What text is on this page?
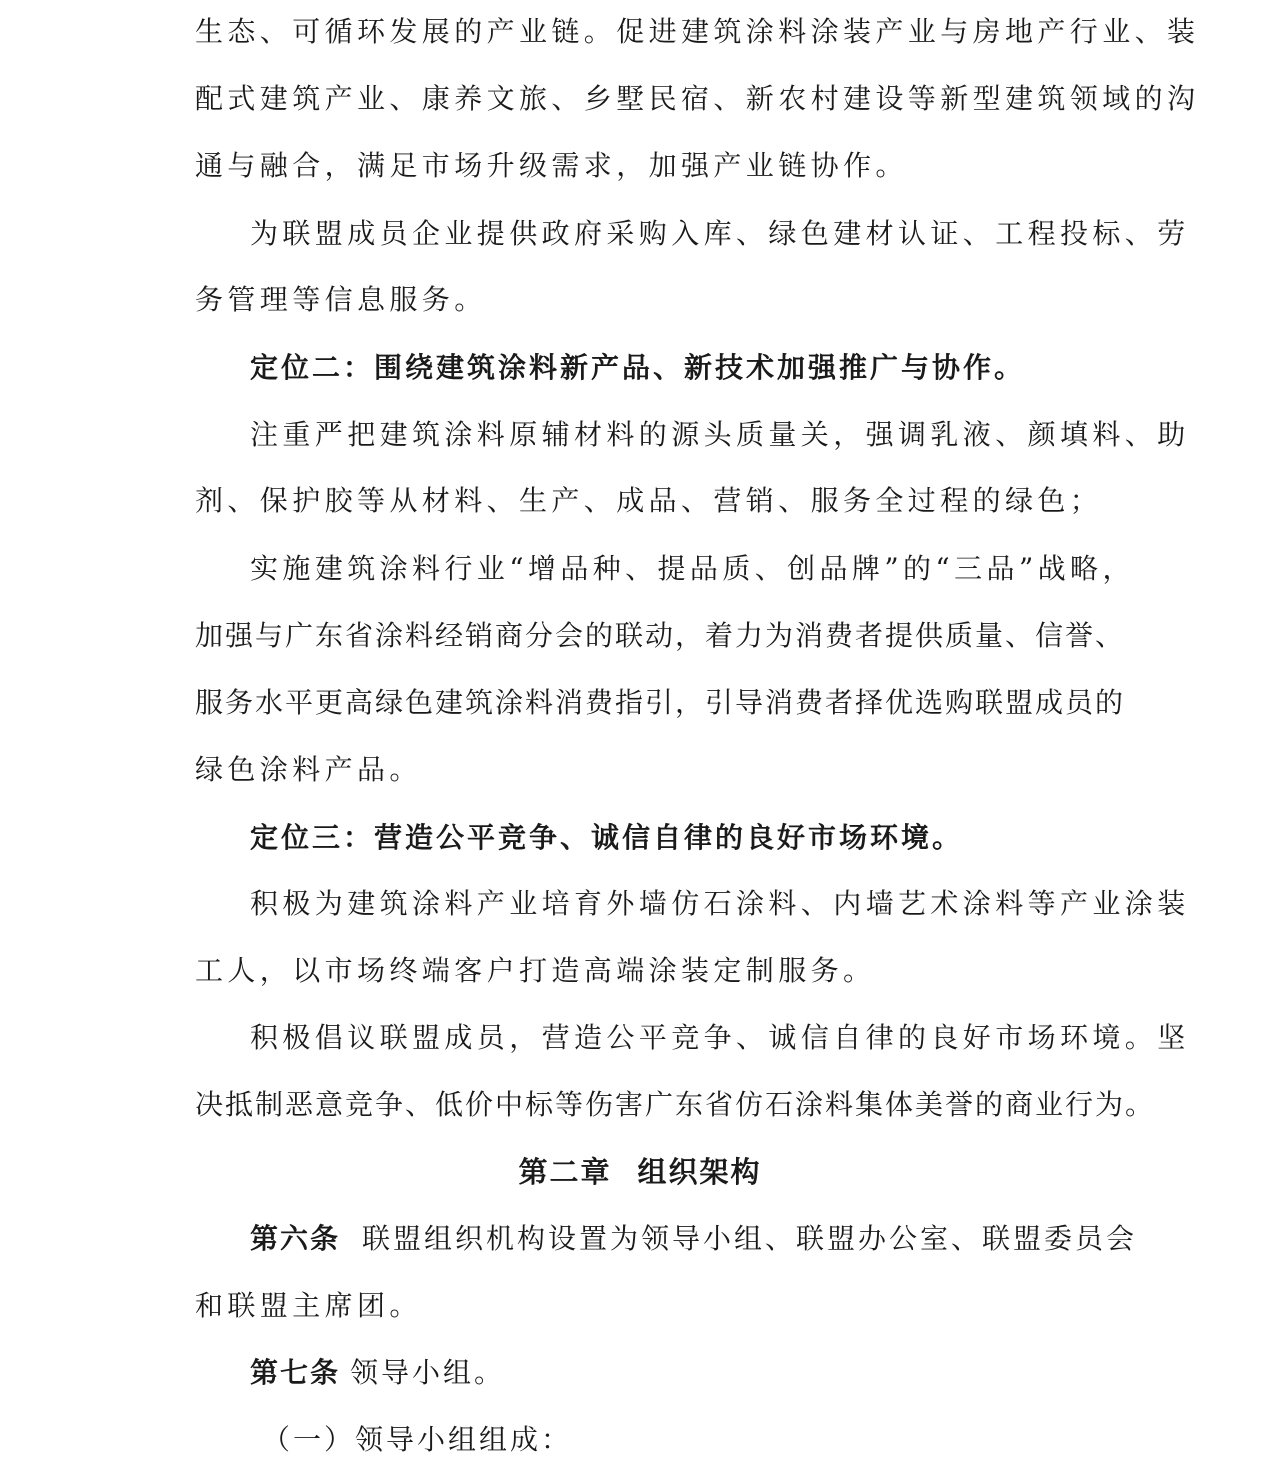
生态、可循环发展的产业链。促进建筑涂料涂装产业与房地产行业、装
配式建筑产业、康养文旅、乡墅民宿、新农村建设等新型建筑领域的沟
通与融合，满足市场升级需求，加强产业链协作。
为联盟成员企业提供政府采购入库、绿色建材认证、工程投标、劳
务管理等信息服务。
定位二：围绕建筑涂料新产品、新技术加强推广与协作。
注重严把建筑涂料原辅材料的源头质量关，强调乳液、颜填料、助
剂、保护胶等从材料、生产、成品、营销、服务全过程的绿色；
实施建筑涂料行业“增品种、提品质、创品牌”的“三品”战略，
加强与广东省涂料经销商分会的联动，着力为消费者提供质量、信誉、
服务水平更高绿色建筑涂料消费指引，引导消费者择优选购联盟成员的
绿色涂料产品。
定位三：营造公平竞争、诚信自律的良好市场环境。
积极为建筑涂料产业培育外墙仿石涂料、内墙艺术涂料等产业涂装
工人，以市场终端客户打造高端涂装定制服务。
积极倡议联盟成员，营造公平竞争、诚信自律的良好市场环境。坚
决抵制恶意竞争、低价中标等伤害广东省仿石涂料集体美誉的商业行为。
第二章 组织架构
第六条 联盟组织机构设置为领导小组、联盟办公室、联盟委员会
和联盟主席团。
第七条 领导小组。
（一）领导小组组成：
